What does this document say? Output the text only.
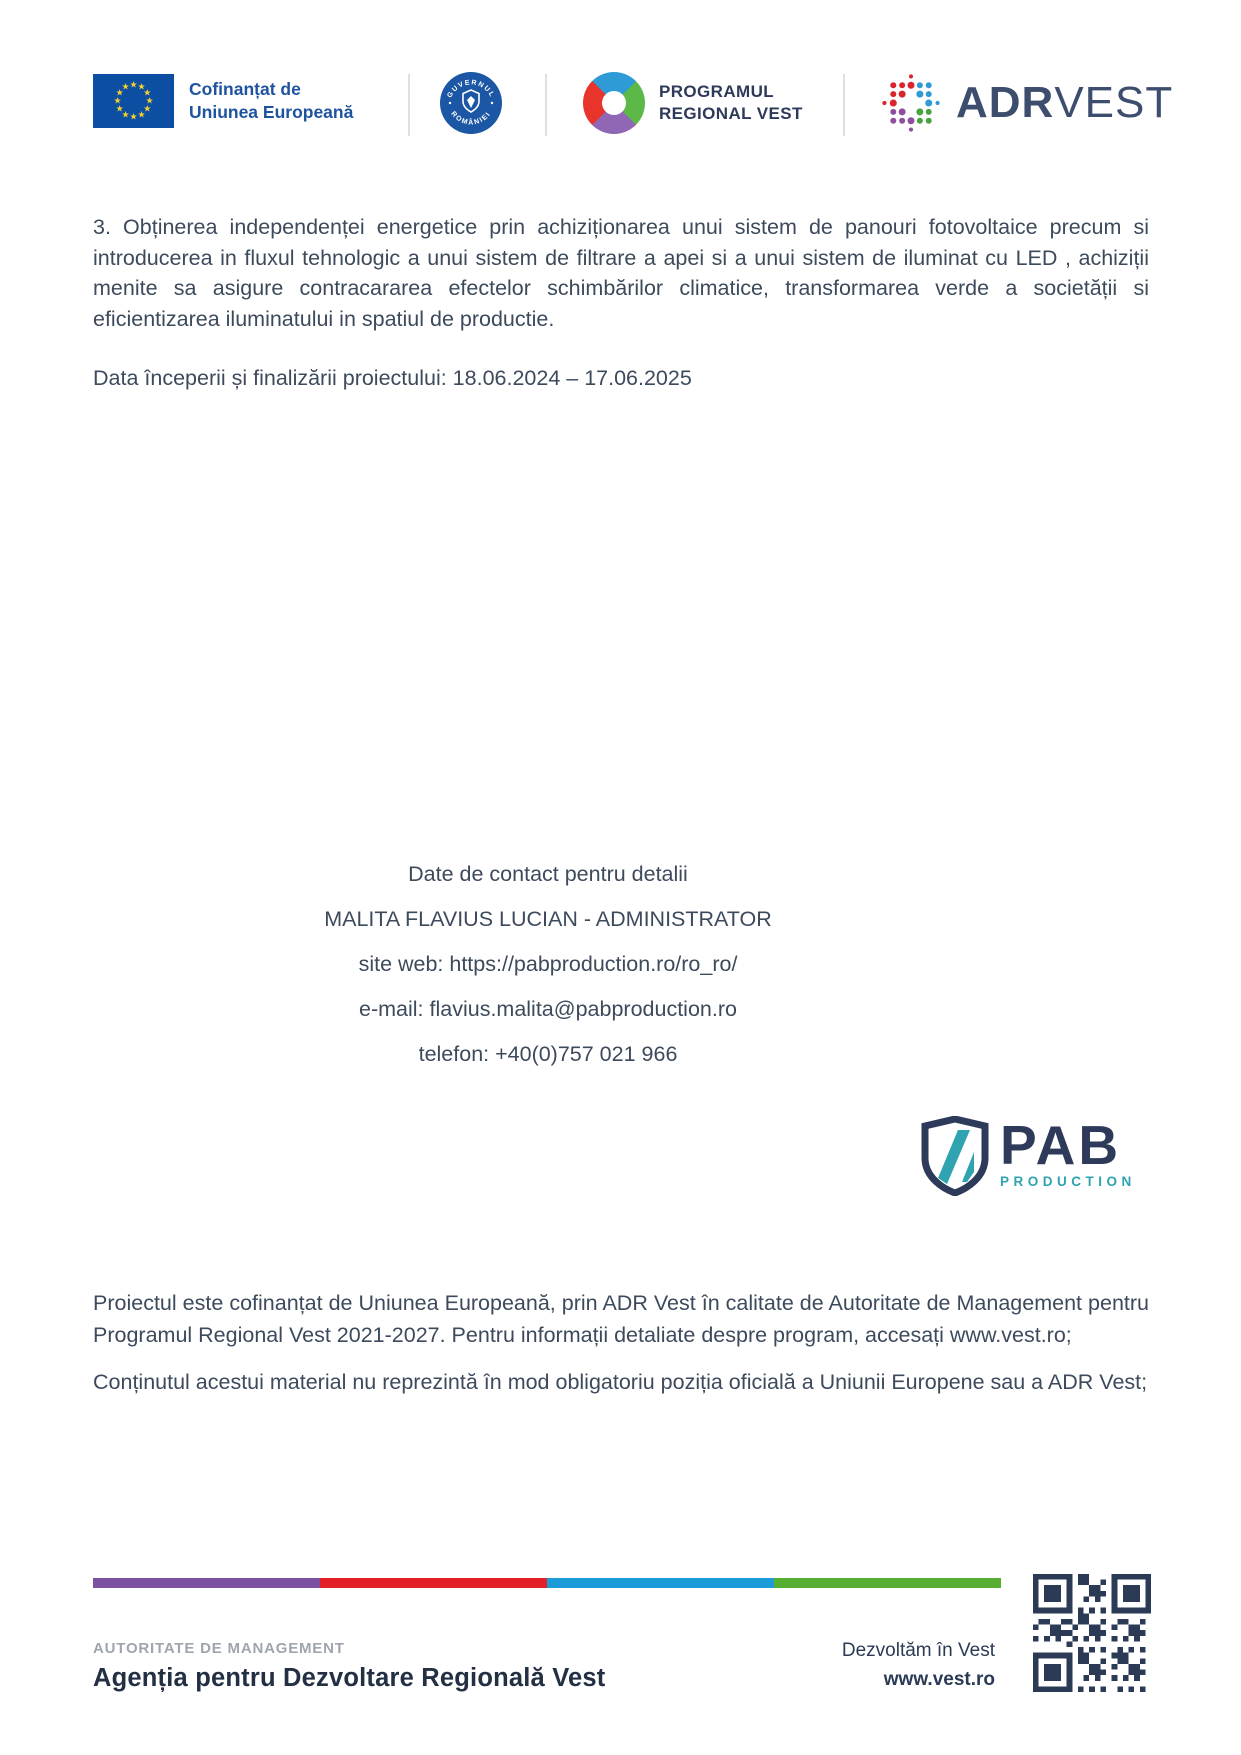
★ ★
★
★
★
★
★
★
★
★
★
★	Cofinanțat de
Uniunea Europeană
GUVERNUL
ROMÂNIEI
PROGRAMUL
REGIONAL VEST	ADRVEST

3. Obținerea independenței energetice prin achiziționarea unui sistem de panouri fotovoltaice precum si introducerea in fluxul tehnologic a unui sistem de filtrare a apei si a unui sistem de iluminat cu LED , achiziții menite sa asigure contracararea efectelor schimbărilor climatice, transformarea verde a societății si eficientizarea iluminatului in spatiul de productie.

Data începerii și finalizării proiectului: 18.06.2024 – 17.06.2025

Date de contact pentru detalii
MALITA FLAVIUS LUCIAN - ADMINISTRATOR
site web: https://pabproduction.ro/ro_ro/
e-mail: flavius.malita@pabproduction.ro
telefon: +40(0)757 021 966
PAB
PRODUCTION

Proiectul este cofinanțat de Uniunea Europeană, prin ADR Vest în calitate de Autoritate de Management pentru Programul Regional Vest 2021-2027. Pentru informații detaliate despre program, accesați www.vest.ro;

Conținutul acestui material nu reprezintă în mod obligatoriu poziția oficială a Uniunii Europene sau a ADR Vest;

AUTORITATE DE MANAGEMENT
Agenția pentru Dezvoltare Regională Vest
Dezvoltăm în Vest
www.vest.ro
